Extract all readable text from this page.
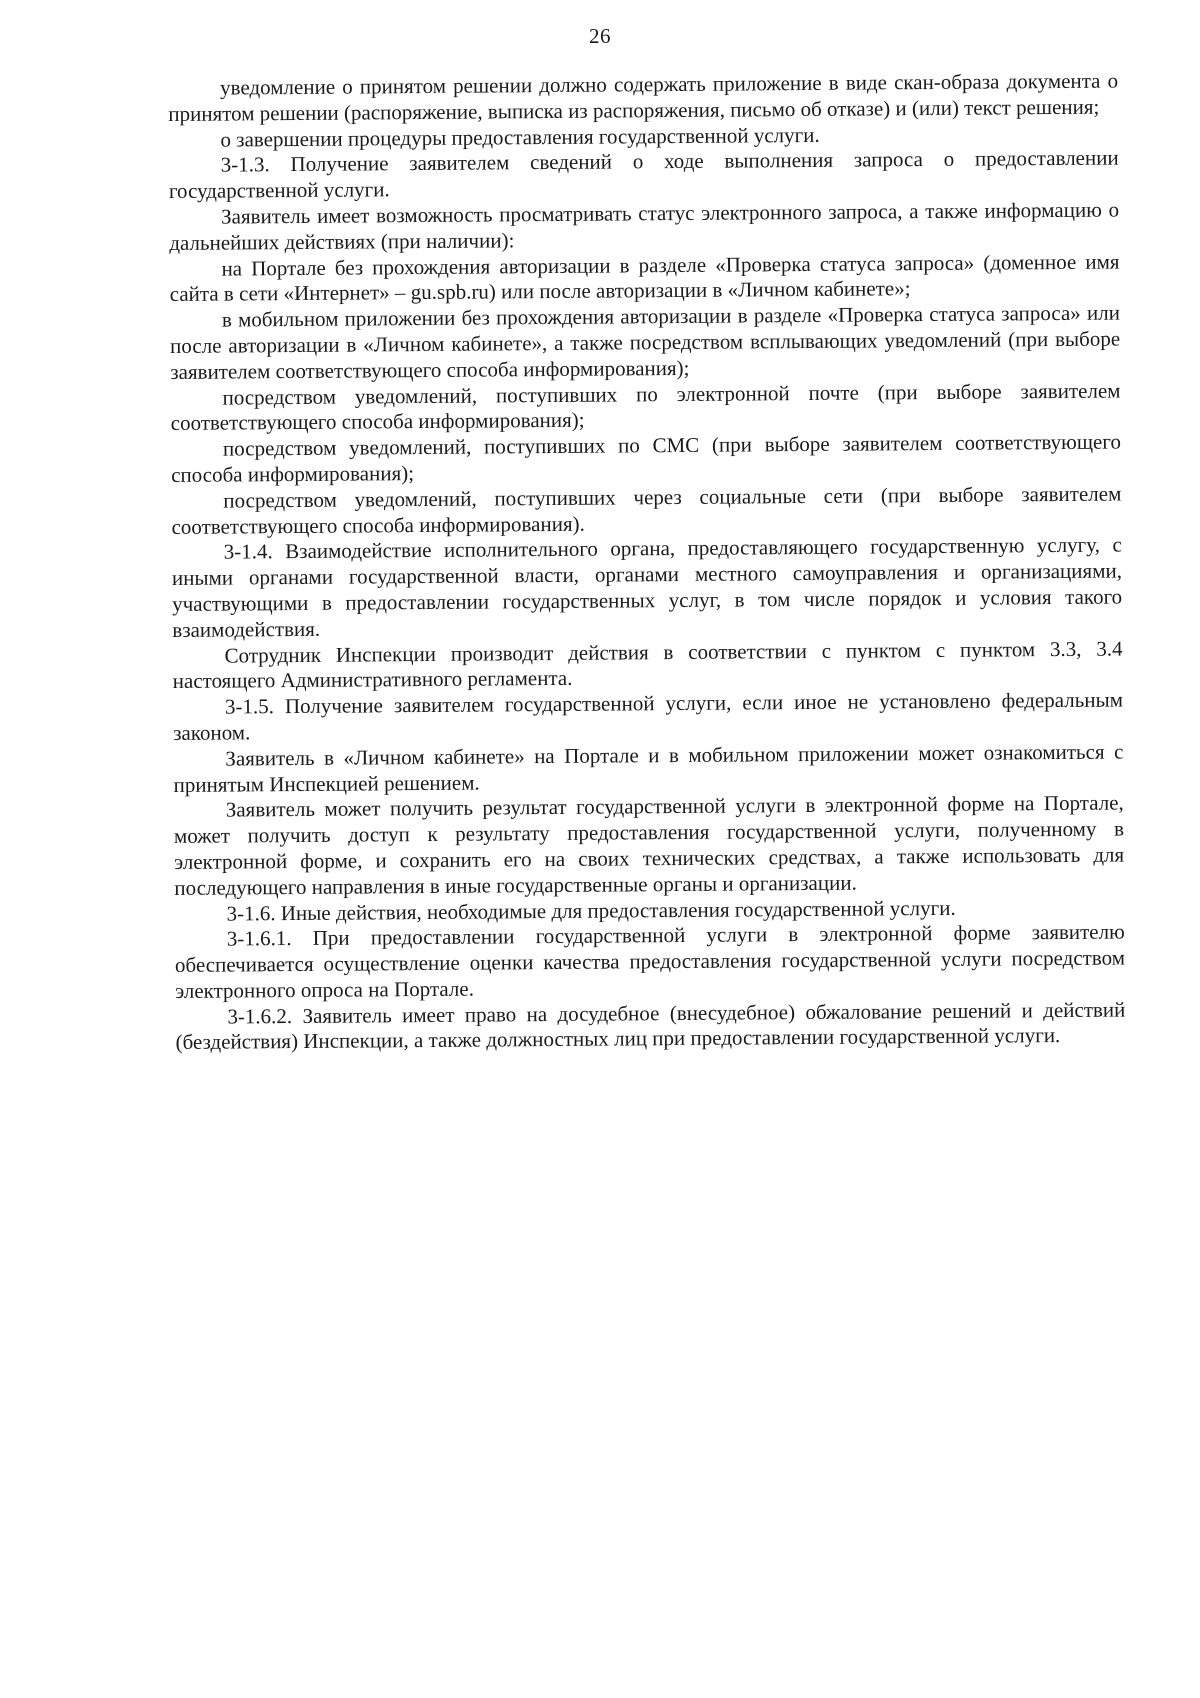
26

уведомление о принятом решении должно содержать приложение в виде скан-образа документа о принятом решении (распоряжение, выписка из распоряжения, письмо об отказе) и (или) текст решения;

о завершении процедуры предоставления государственной услуги.

3-1.3. Получение заявителем сведений о ходе выполнения запроса о предоставлении государственной услуги.

Заявитель имеет возможность просматривать статус электронного запроса, а также информацию о дальнейших действиях (при наличии):

на Портале без прохождения авторизации в разделе «Проверка статуса запроса» (доменное имя сайта в сети «Интернет» – gu.spb.ru) или после авторизации в «Личном кабинете»;

в мобильном приложении без прохождения авторизации в разделе «Проверка статуса запроса» или после авторизации в «Личном кабинете», а также посредством всплывающих уведомлений (при выборе заявителем соответствующего способа информирования);

посредством уведомлений, поступивших по электронной почте (при выборе заявителем соответствующего способа информирования);

посредством уведомлений, поступивших по СМС (при выборе заявителем соответствующего способа информирования);

посредством уведомлений, поступивших через социальные сети (при выборе заявителем соответствующего способа информирования).

3-1.4. Взаимодействие исполнительного органа, предоставляющего государственную услугу, с иными органами государственной власти, органами местного самоуправления и организациями, участвующими в предоставлении государственных услуг, в том числе порядок и условия такого взаимодействия.

Сотрудник Инспекции производит действия в соответствии с пунктом с пунктом 3.3, 3.4 настоящего Административного регламента.

3-1.5. Получение заявителем государственной услуги, если иное не установлено федеральным законом.

Заявитель в «Личном кабинете» на Портале и в мобильном приложении может ознакомиться с принятым Инспекцией решением.

Заявитель может получить результат государственной услуги в электронной форме на Портале, может получить доступ к результату предоставления государственной услуги, полученному в электронной форме, и сохранить его на своих технических средствах, а также использовать для последующего направления в иные государственные органы и организации.

3-1.6. Иные действия, необходимые для предоставления государственной услуги.

3-1.6.1. При предоставлении государственной услуги в электронной форме заявителю обеспечивается осуществление оценки качества предоставления государственной услуги посредством электронного опроса на Портале.

3-1.6.2. Заявитель имеет право на досудебное (внесудебное) обжалование решений и действий (бездействия) Инспекции, а также должностных лиц при предоставлении государственной услуги.
